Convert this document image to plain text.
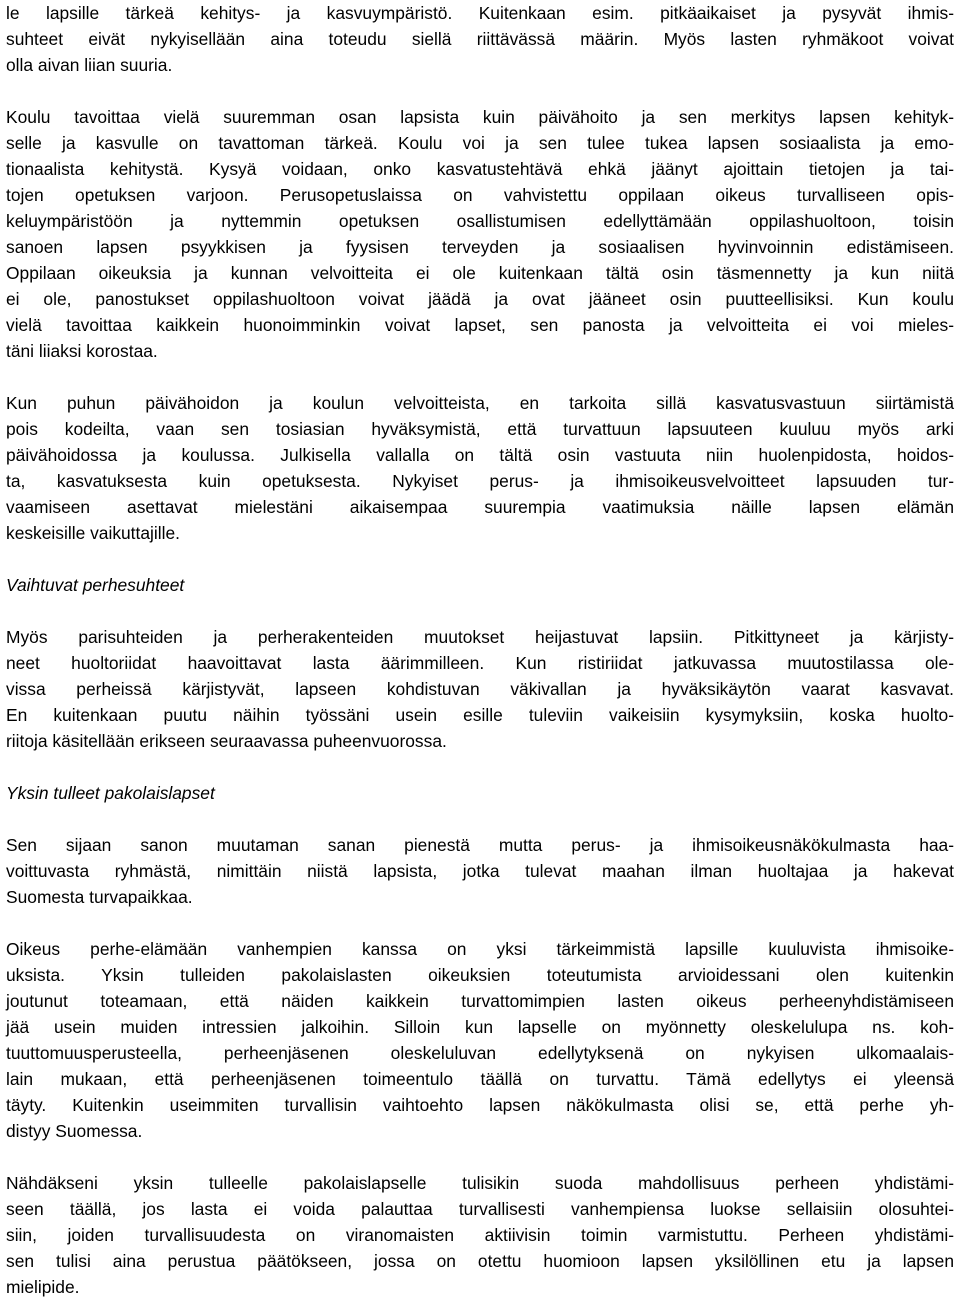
le lapsille tärkeä kehitys- ja kasvuympäristö. Kuitenkaan esim. pitkäaikaiset ja pysyvät ihmis-
suhteet eivät nykyisellään aina toteudu siellä riittävässä määrin. Myös lasten ryhmäkoot voivat
olla aivan liian suuria.
Koulu tavoittaa vielä suuremman osan lapsista kuin päivähoito ja sen merkitys lapsen kehityk-
selle ja kasvulle on tavattoman tärkeä. Koulu voi ja sen tulee tukea lapsen sosiaalista ja emo-
tionaalista kehitystä. Kysyä voidaan, onko kasvatustehtävä ehkä jäänyt ajoittain tietojen ja tai-
tojen opetuksen varjoon. Perusopetuslaissa on vahvistettu oppilaan oikeus turvalliseen opis-
keluympäristöön ja nyttemmin opetuksen osallistumisen edellyttämään oppilashuoltoon, toisin
sanoen lapsen psyykkisen ja fyysisen terveyden ja sosiaalisen hyvinvoinnin edistämiseen.
Oppilaan oikeuksia ja kunnan velvoitteita ei ole kuitenkaan tältä osin täsmennetty ja kun niitä
ei ole, panostukset oppilashuoltoon voivat jäädä ja ovat jääneet osin puutteellisiksi. Kun koulu
vielä tavoittaa kaikkein huonoimminkin voivat lapset, sen panosta ja velvoitteita ei voi mieles-
täni liiaksi korostaa.
Kun puhun päivähoidon ja koulun velvoitteista, en tarkoita sillä kasvatusvastuun siirtämistä
pois kodeilta, vaan sen tosiasian hyväksymistä, että turvattuun lapsuuteen kuuluu myös arki
päivähoidossa ja koulussa. Julkisella vallalla on tältä osin vastuuta niin huolenpidosta, hoidos-
ta, kasvatuksesta kuin opetuksesta. Nykyiset perus- ja ihmisoikeusvelvoitteet lapsuuden tur-
vaamiseen asettavat mielestäni aikaisempaa suurempia vaatimuksia näille lapsen elämän
keskeisille vaikuttajille.
Vaihtuvat perhesuhteet
Myös parisuhteiden ja perherakenteiden muutokset heijastuvat lapsiin. Pitkittyneet ja kärjisty-
neet huoltoriidat haavoittavat lasta äärimmilleen. Kun ristiriidat jatkuvassa muutostilassa ole-
vissa perheissä kärjistyvät, lapseen kohdistuvan väkivallan ja hyväksikäytön vaarat kasvavat.
En kuitenkaan puutu näihin työssäni usein esille tuleviin vaikeisiin kysymyksiin, koska huolto-
riitoja käsitellään erikseen seuraavassa puheenvuorossa.
Yksin tulleet pakolaislapset
Sen sijaan sanon muutaman sanan pienestä mutta perus- ja ihmisoikeusnäkökulmasta haa-
voittuvasta ryhmästä, nimittäin niistä lapsista, jotka tulevat maahan ilman huoltajaa ja hakevat
Suomesta turvapaikkaa.
Oikeus perhe-elämään vanhempien kanssa on yksi tärkeimmistä lapsille kuuluvista ihmisoike-
uksista. Yksin tulleiden pakolaislasten oikeuksien toteutumista arvioidessani olen kuitenkin
joutunut toteamaan, että näiden kaikkein turvattomimpien lasten oikeus perheenyhdistämiseen
jää usein muiden intressien jalkoihin. Silloin kun lapselle on myönnetty oleskelulupa ns. koh-
tuuttomuusperusteella, perheenjäsenen oleskeluluvan edellytyksenä on nykyisen ulkomaalais-
lain mukaan, että perheenjäsenen toimeentulo täällä on turvattu. Tämä edellytys ei yleensä
täyty. Kuitenkin useimmiten turvallisin vaihtoehto lapsen näkökulmasta olisi se, että perhe yh-
distyy Suomessa.
Nähdäkseni yksin tulleelle pakolaislapselle tulisikin suoda mahdollisuus perheen yhdistämi-
seen täällä, jos lasta ei voida palauttaa turvallisesti vanhempiensa luokse sellaisiin olosuhtei-
siin, joiden turvallisuudesta on viranomaisten aktiivisin toimin varmistuttu. Perheen yhdistämi-
sen tulisi aina perustua päätökseen, jossa on otettu huomioon lapsen yksilöllinen etu ja lapsen
mielipide.
